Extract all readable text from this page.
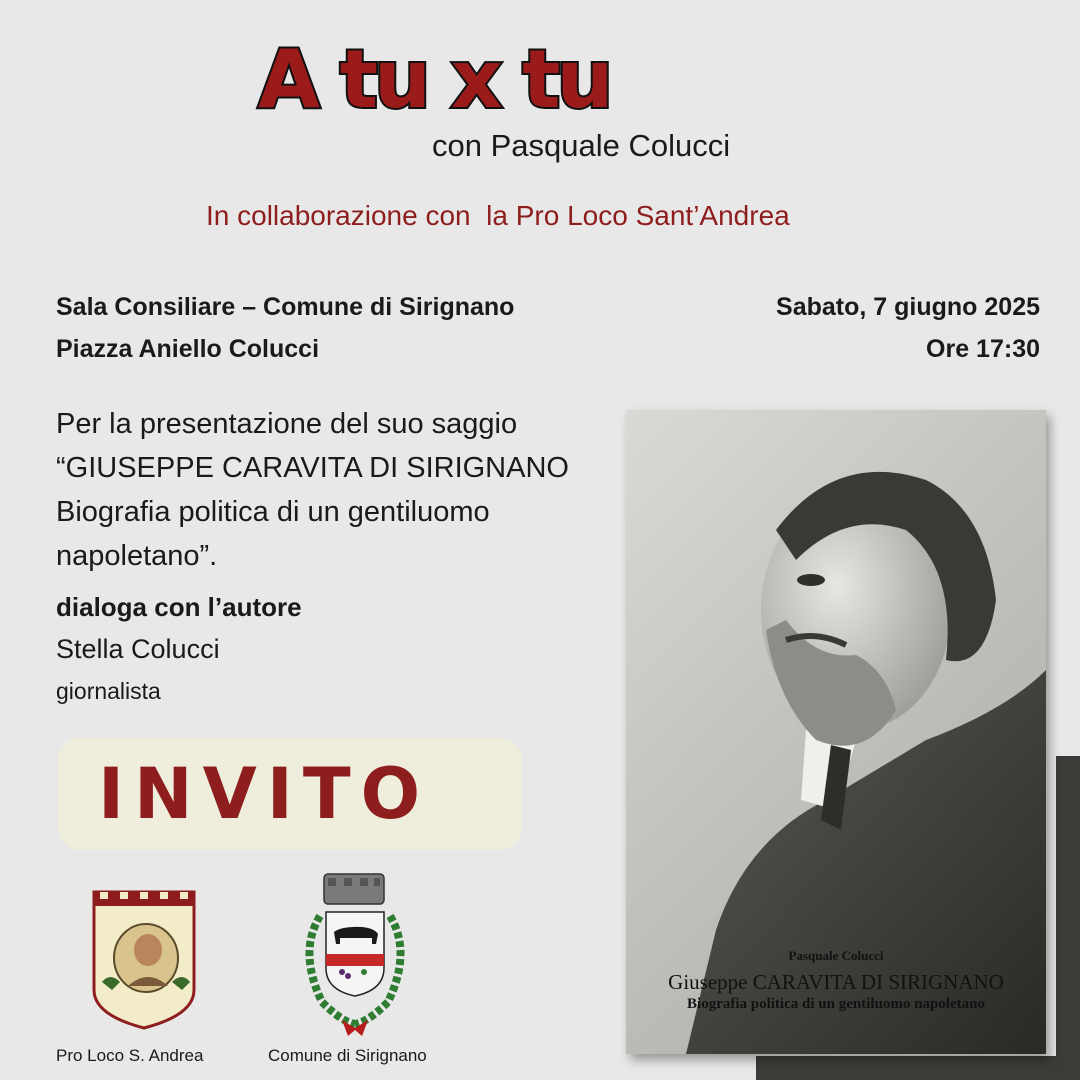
A tu x tu
con Pasquale Colucci
In collaborazione con  la Pro Loco Sant’Andrea
Sala Consiliare – Comune di Sirignano
Piazza Aniello Colucci
Sabato, 7 giugno 2025
Ore 17:30
Per la presentazione del suo saggio
“GIUSEPPE CARAVITA DI SIRIGNANO
Biografia politica di un gentiluomo
napoletano”.
dialoga con l’autore
Stella Colucci
giornalista
INVITO
Pasquale Colucci
Giuseppe CARAVITA DI SIRIGNANO
Biografia politica di un gentiluomo napoletano
Pro Loco S. Andrea	Comune di Sirignano
